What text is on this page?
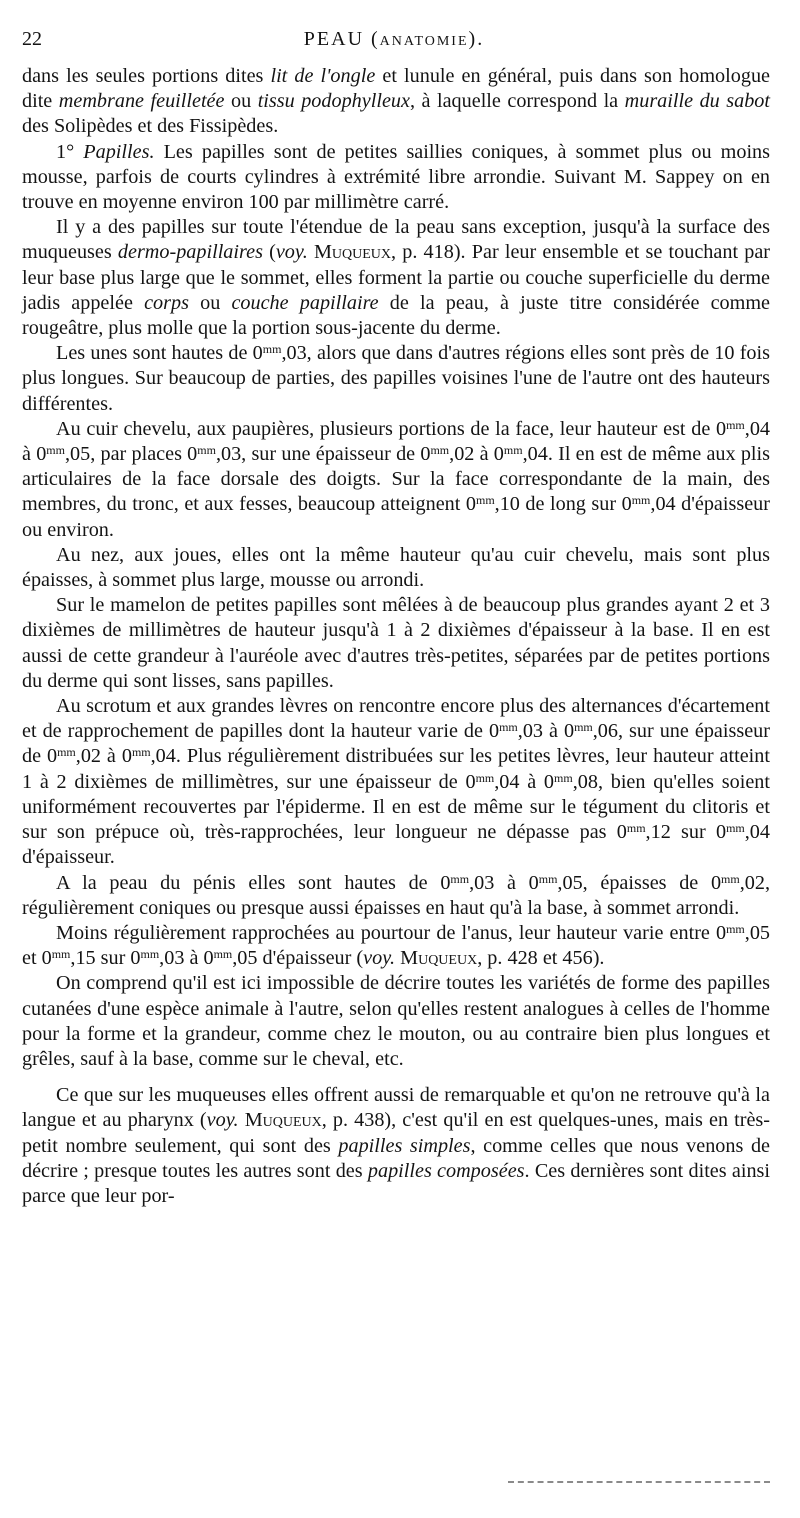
22	PEAU (ANATOMIE).

dans les seules portions dites lit de l'ongle et lunule en général, puis dans son homologue dite membrane feuilletée ou tissu podophylleux, à laquelle correspond la muraille du sabot des Solipèdes et des Fissipèdes.

1° Papilles. Les papilles sont de petites saillies coniques, à sommet plus ou moins mousse, parfois de courts cylindres à extrémité libre arrondie. Suivant M. Sappey on en trouve en moyenne environ 100 par millimètre carré.

Il y a des papilles sur toute l'étendue de la peau sans exception, jusqu'à la surface des muqueuses dermo-papillaires (voy. Muqueux, p. 418). Par leur ensemble et se touchant par leur base plus large que le sommet, elles forment la partie ou couche superficielle du derme jadis appelée corps ou couche papillaire de la peau, à juste titre considérée comme rougeâtre, plus molle que la portion sous-jacente du derme.

Les unes sont hautes de $0^{mm},03$, alors que dans d'autres régions elles sont près de 10 fois plus longues. Sur beaucoup de parties, des papilles voisines l'une de l'autre ont des hauteurs différentes.

Au cuir chevelu, aux paupières, plusieurs portions de la face, leur hauteur est de $0^{mm},04$ à $0^{mm},05$, par places $0^{mm},03$, sur une épaisseur de $0^{mm},02$ à $0^{mm},04$. Il en est de même aux plis articulaires de la face dorsale des doigts. Sur la face correspondante de la main, des membres, du tronc, et aux fesses, beaucoup atteignent $0^{mm},10$ de long sur $0^{mm},04$ d'épaisseur ou environ.

Au nez, aux joues, elles ont la même hauteur qu'au cuir chevelu, mais sont plus épaisses, à sommet plus large, mousse ou arrondi.

Sur le mamelon de petites papilles sont mêlées à de beaucoup plus grandes ayant 2 et 3 dixièmes de millimètres de hauteur jusqu'à 1 à 2 dixièmes d'épaisseur à la base. Il en est aussi de cette grandeur à l'auréole avec d'autres très-petites, séparées par de petites portions du derme qui sont lisses, sans papilles.

Au scrotum et aux grandes lèvres on rencontre encore plus des alternances d'écartement et de rapprochement de papilles dont la hauteur varie de $0^{mm},03$ à $0^{mm},06$, sur une épaisseur de $0^{mm},02$ à $0^{mm},04$. Plus régulièrement distribuées sur les petites lèvres, leur hauteur atteint 1 à 2 dixièmes de millimètres, sur une épaisseur de $0^{mm},04$ à $0^{mm},08$, bien qu'elles soient uniformément recouvertes par l'épiderme. Il en est de même sur le tégument du clitoris et sur son prépuce où, très-rapprochées, leur longueur ne dépasse pas $0^{mm},12$ sur $0^{mm},04$ d'épaisseur.

A la peau du pénis elles sont hautes de $0^{mm},03$ à $0^{mm},05$, épaisses de $0^{mm},02$, régulièrement coniques ou presque aussi épaisses en haut qu'à la base, à sommet arrondi.

Moins régulièrement rapprochées au pourtour de l'anus, leur hauteur varie entre $0^{mm},05$ et $0^{mm},15$ sur $0^{mm},03$ à $0^{mm},05$ d'épaisseur (voy. Muqueux, p. 428 et 456).

On comprend qu'il est ici impossible de décrire toutes les variétés de forme des papilles cutanées d'une espèce animale à l'autre, selon qu'elles restent analogues à celles de l'homme pour la forme et la grandeur, comme chez le mouton, ou au contraire bien plus longues et grêles, sauf à la base, comme sur le cheval, etc.

Ce que sur les muqueuses elles offrent aussi de remarquable et qu'on ne retrouve qu'à la langue et au pharynx (voy. Muqueux, p. 438), c'est qu'il en est quelques-unes, mais en très-petit nombre seulement, qui sont des papilles simples, comme celles que nous venons de décrire ; presque toutes les autres sont des papilles composées. Ces dernières sont dites ainsi parce que leur por-
